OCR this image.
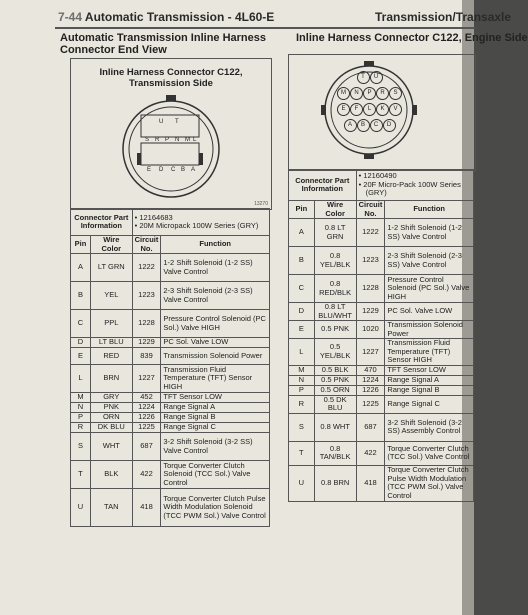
7-44 Automatic Transmission - 4L60-E	Transmission/Transaxle
Automatic Transmission Inline Harness Connector End View
Inline Harness Connector C122, Transmission Side
U T
S R P N M L
E D C B A
13270
Connector Part Information		• 12164683
• 20M Micropack 100W Series (GRY)	

Pin	Wire Color	Circuit No.	Function
A	LT GRN	1222	1-2 Shift Solenoid (1-2 SS) Valve Control
B	YEL	1223	2-3 Shift Solenoid (2-3 SS) Valve Control
C	PPL	1228	Pressure Control Solenoid (PC Sol.) Valve HIGH
D	LT BLU	1229	PC Sol. Valve LOW
E	RED	839	Transmission Solenoid Power
L	BRN	1227	Transmission Fluid Temperature (TFT) Sensor HIGH
M	GRY	452	TFT Sensor LOW
N	PNK	1224	Range Signal A
P	ORN	1226	Range Signal B
R	DK BLU	1225	Range Signal C
S	WHT	687	3-2 Shift Solenoid (3-2 SS) Valve Control
T	BLK	422	Torque Converter Clutch Solenoid (TCC Sol.) Valve Control
U	TAN	418	Torque Converter Clutch Pulse Width Modulation Solenoid (TCC PWM Sol.) Valve Control
Inline Harness Connector C122, Engine Side
T	U
M	N	P	R	S
E	F	L	K	V
A	B	C	D
Connector Part Information		• 12160490
• 20F Micro-Pack 100W Series (GRY)	

Pin	Wire Color	Circuit No.	Function
A	0.8 LT GRN	1222	1-2 Shift Solenoid (1-2 SS) Valve Control
B	0.8 YEL/BLK	1223	2-3 Shift Solenoid (2-3 SS) Valve Control
C	0.8 RED/BLK	1228	Pressure Control Solenoid (PC Sol.) Valve HIGH
D	0.8 LT BLU/WHT	1229	PC Sol. Valve LOW
E	0.5 PNK	1020	Transmission Solenoid Power
L	0.5 YEL/BLK	1227	Transmission Fluid Temperature (TFT) Sensor HIGH
M	0.5 BLK	470	TFT Sensor LOW
N	0.5 PNK	1224	Range Signal A
P	0.5 ORN	1226	Range Signal B
R	0.5 DK BLU	1225	Range Signal C
S	0.8 WHT	687	3-2 Shift Solenoid (3-2 SS) Assembly Control
T	0.8 TAN/BLK	422	Torque Converter Clutch (TCC Sol.) Valve Control
U	0.8 BRN	418	Torque Converter Clutch Pulse Width Modulation (TCC PWM Sol.) Valve Control
